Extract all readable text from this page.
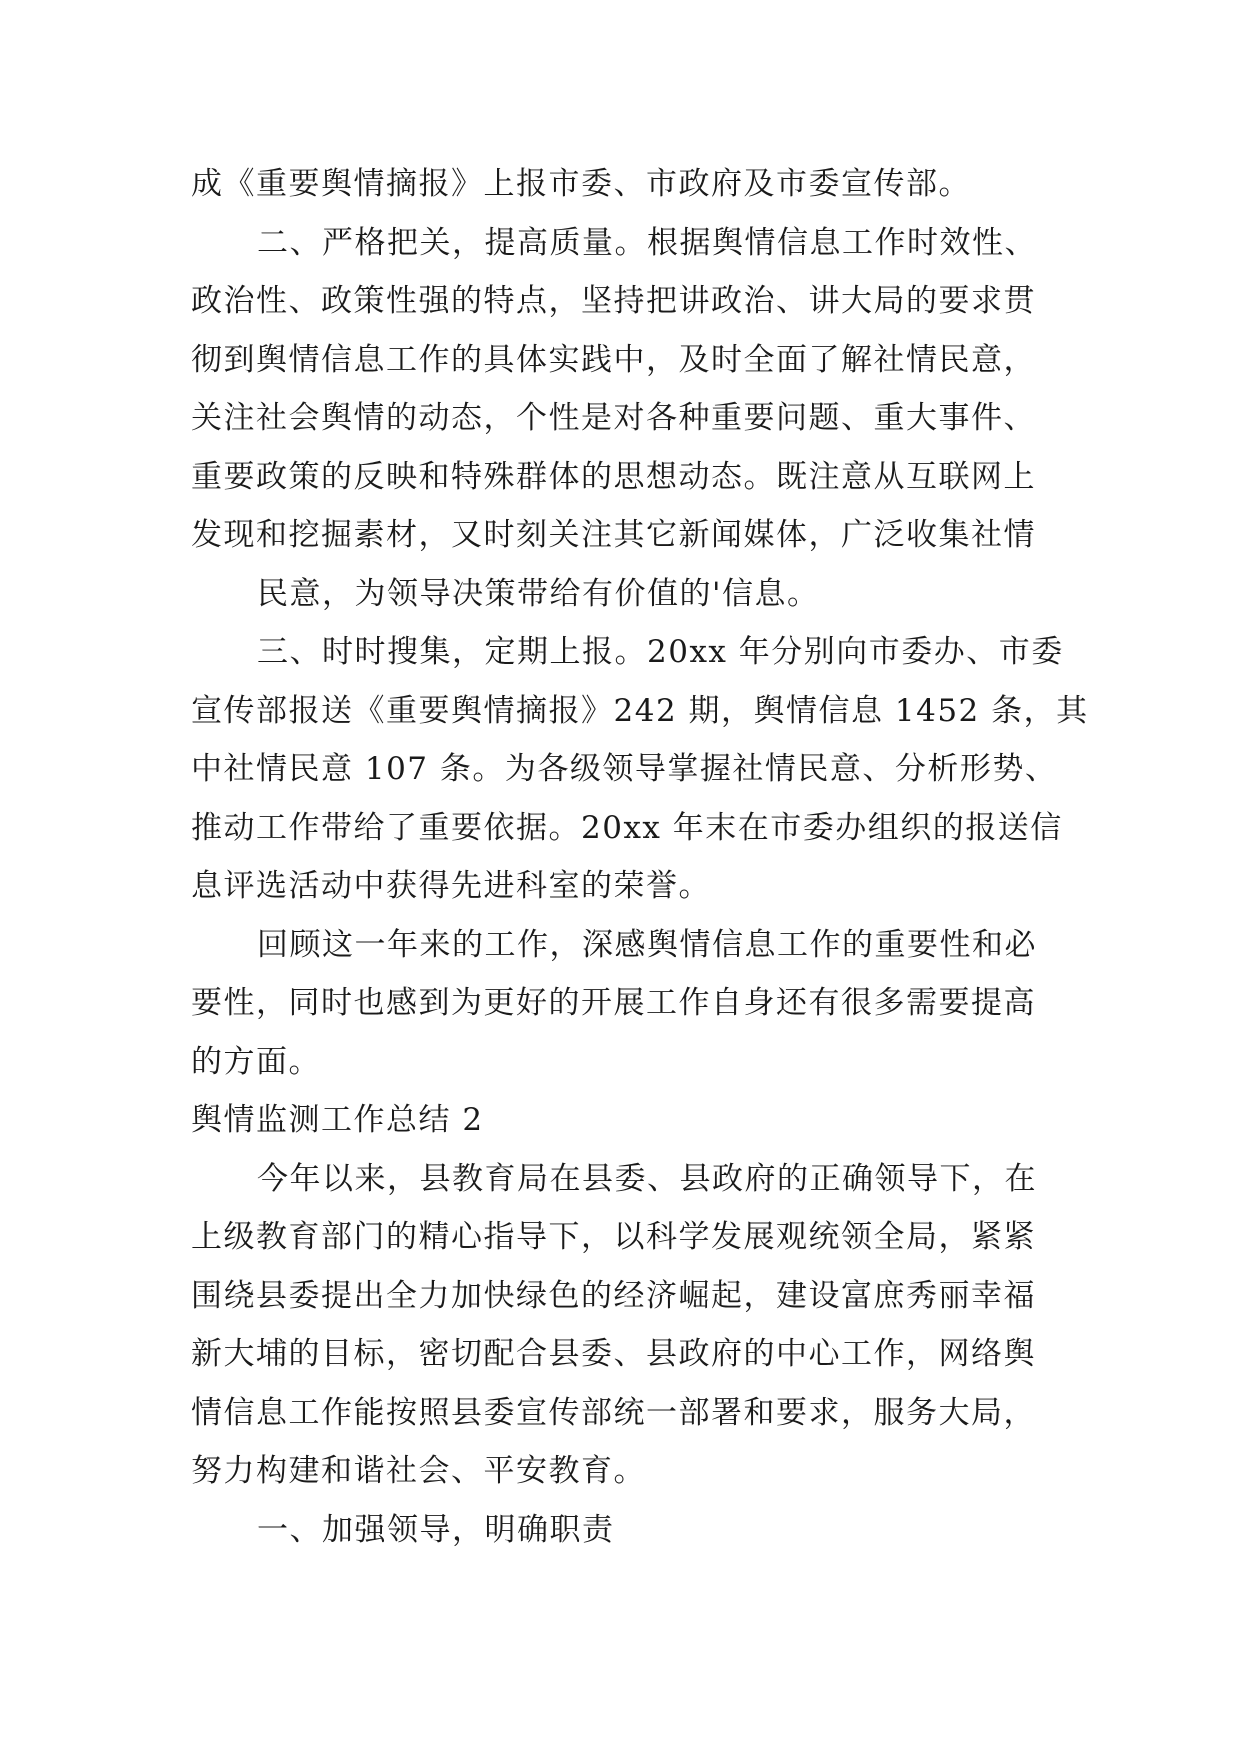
成《重要舆情摘报》上报市委、市政府及市委宣传部。
二、严格把关，提高质量。根据舆情信息工作时效性、
政治性、政策性强的特点，坚持把讲政治、讲大局的要求贯
彻到舆情信息工作的具体实践中，及时全面了解社情民意，
关注社会舆情的动态，个性是对各种重要问题、重大事件、
重要政策的反映和特殊群体的思想动态。既注意从互联网上
发现和挖掘素材，又时刻关注其它新闻媒体，广泛收集社情
民意，为领导决策带给有价值的'信息。
三、时时搜集，定期上报。20xx 年分别向市委办、市委
宣传部报送《重要舆情摘报》242 期，舆情信息 1452 条，其
中社情民意 107 条。为各级领导掌握社情民意、分析形势、
推动工作带给了重要依据。20xx 年末在市委办组织的报送信
息评选活动中获得先进科室的荣誉。
回顾这一年来的工作，深感舆情信息工作的重要性和必
要性，同时也感到为更好的开展工作自身还有很多需要提高
的方面。
舆情监测工作总结 2
今年以来，县教育局在县委、县政府的正确领导下，在
上级教育部门的精心指导下，以科学发展观统领全局，紧紧
围绕县委提出全力加快绿色的经济崛起，建设富庶秀丽幸福
新大埔的目标，密切配合县委、县政府的中心工作，网络舆
情信息工作能按照县委宣传部统一部署和要求，服务大局，
努力构建和谐社会、平安教育。
一、加强领导，明确职责
